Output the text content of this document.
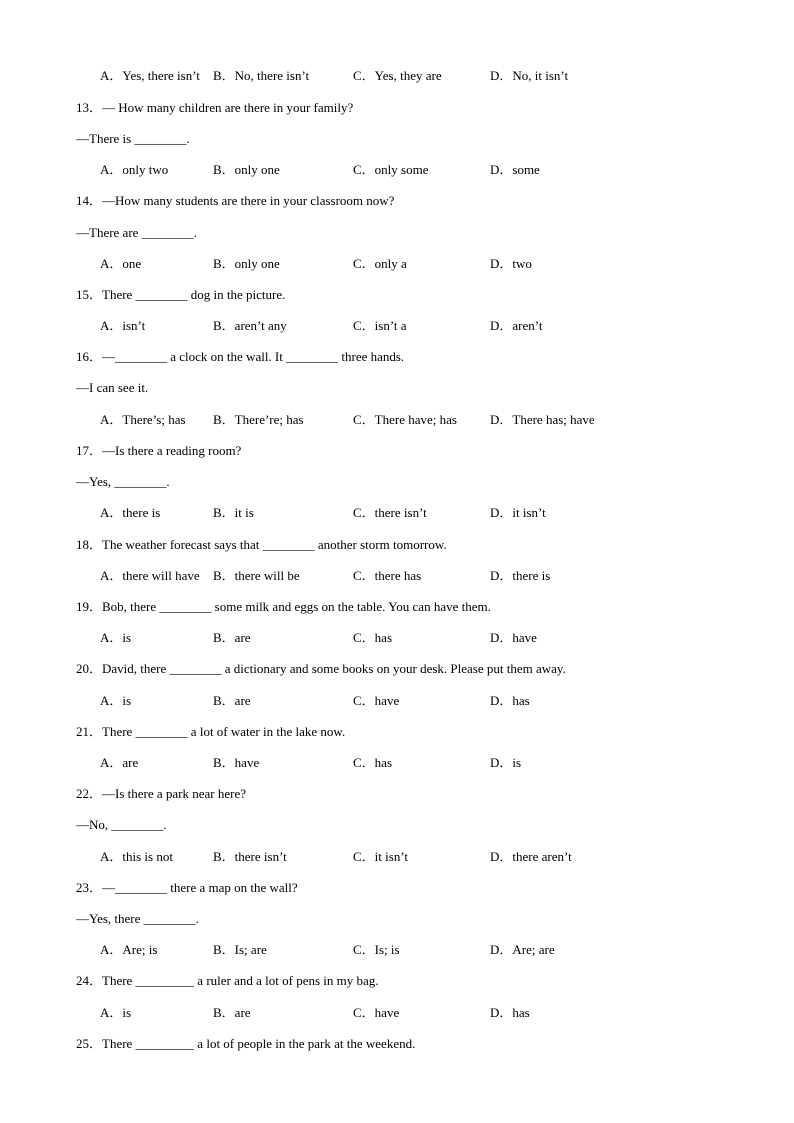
A．Yes, there isn’t B．No, there isn’t	C．Yes, they are	D．No, it isn’t
13．— How many children are there in your family?
—There is ________.
A．only two	B．only one	C．only some	D．some
14．—How many students are there in your classroom now?
—There are ________.
A．one	B．only one	C．only a	D．two
15．There ________ dog in the picture.
A．isn’t	B．aren’t any	C．isn’t a	D．aren’t
16．—________ a clock on the wall. It ________ three hands.
—I can see it.
A．There’s; has B．There’re; has	C．There have; has	D．There has; have
17．—Is there a reading room?
—Yes, ________.
A．there is	B．it is	C．there isn’t	D．it isn’t
18．The weather forecast says that ________ another storm tomorrow.
A．there will have B．there will be	C．there has	D．there is
19．Bob, there ________ some milk and eggs on the table. You can have them.
A．is	B．are	C．has	D．have
20．David, there ________ a dictionary and some books on your desk. Please put them away.
A．is	B．are	C．have	D．has
21．There ________ a lot of water in the lake now.
A．are	B．have	C．has	D．is
22．—Is there a park near here?
—No, ________.
A．this is not	B．there isn’t	C．it isn’t	D．there aren’t
23．—________ there a map on the wall?
—Yes, there ________.
A．Are; is	B．Is; are	C．Is; is	D．Are; are
24．There _________ a ruler and a lot of pens in my bag.
A．is	B．are	C．have	D．has
25．There _________ a lot of people in the park at the weekend.
